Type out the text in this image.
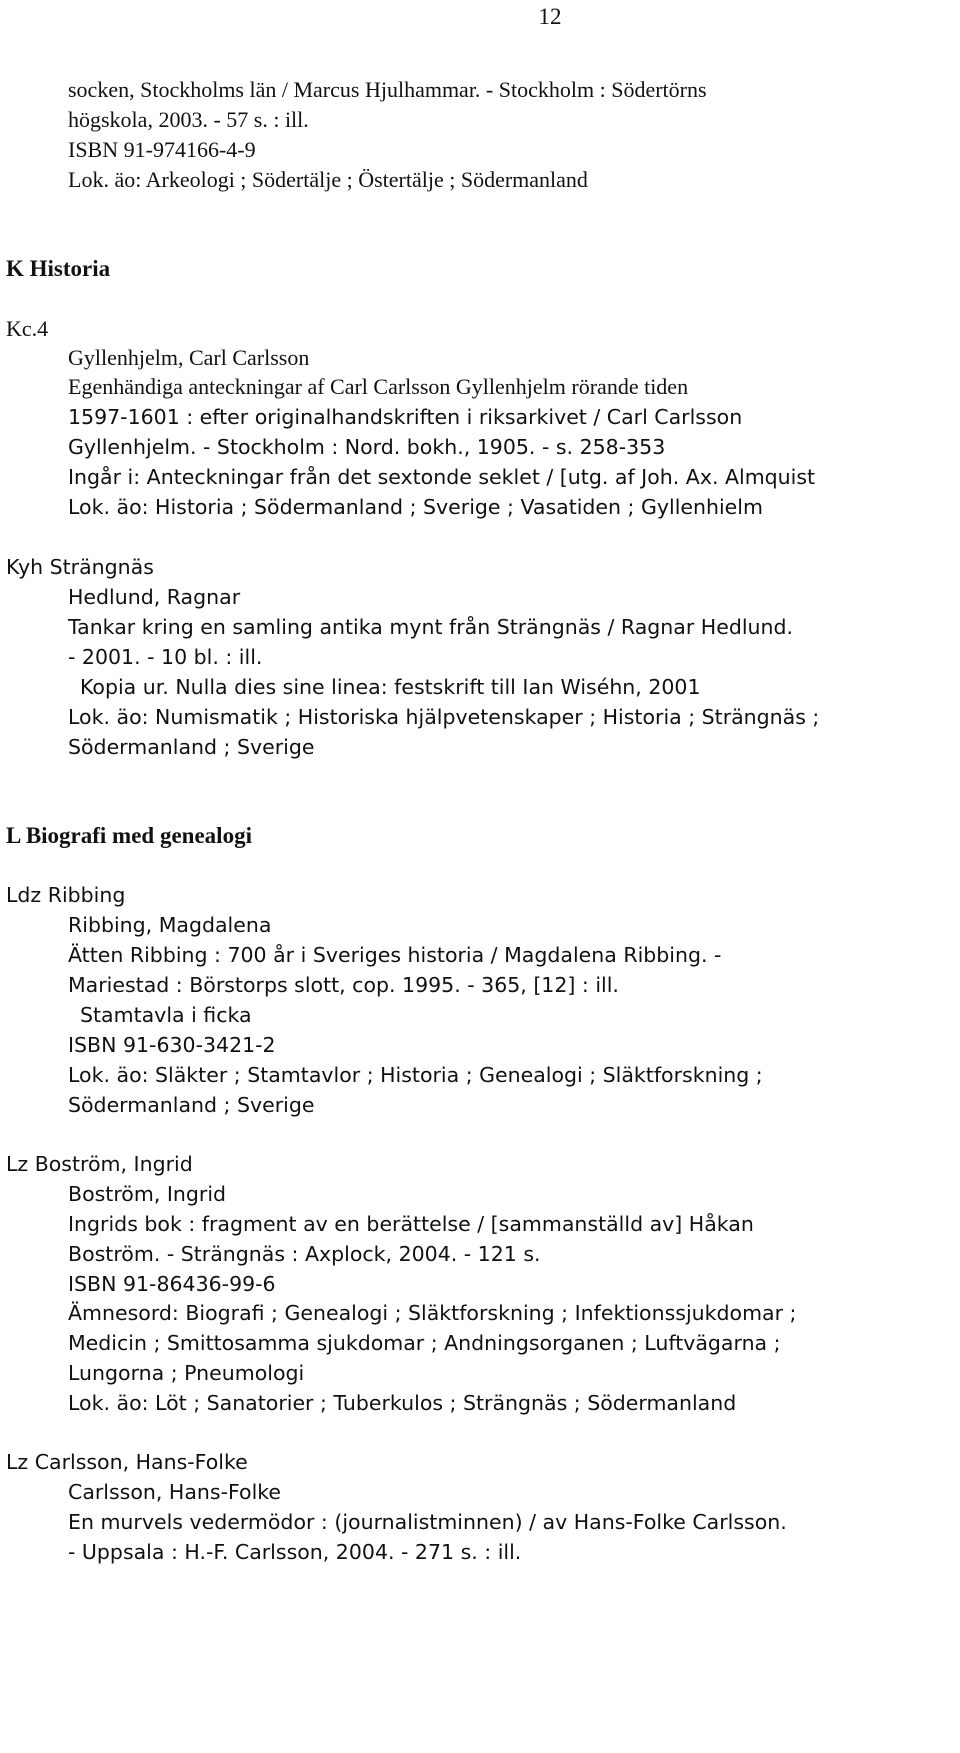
12
socken, Stockholms län / Marcus Hjulhammar. - Stockholm : Södertörns
högskola, 2003. - 57 s. : ill.
ISBN 91-974166-4-9
Lok. äo: Arkeologi ; Södertälje ; Östertälje ; Södermanland
K Historia
Kc.4
Gyllenhjelm, Carl Carlsson
Egenhändiga anteckningar af Carl Carlsson Gyllenhjelm rörande tiden
1597-1601 : efter originalhandskriften i riksarkivet / Carl Carlsson
Gyllenhjelm. - Stockholm : Nord. bokh., 1905. - s. 258-353
Ingår i: Anteckningar från det sextonde seklet / [utg. af Joh. Ax. Almquist
Lok. äo: Historia ; Södermanland ; Sverige ; Vasatiden ; Gyllenhielm
Kyh Strängnäs
Hedlund, Ragnar
Tankar kring en samling antika mynt från Strängnäs / Ragnar Hedlund.
- 2001. - 10 bl. : ill.
Kopia ur. Nulla dies sine linea: festskrift till Ian Wiséhn, 2001
Lok. äo: Numismatik ; Historiska hjälpvetenskaper ; Historia ; Strängnäs ;
Södermanland ; Sverige
L Biografi med genealogi
Ldz Ribbing
Ribbing, Magdalena
Ätten Ribbing : 700 år i Sveriges historia / Magdalena Ribbing. -
Mariestad : Börstorps slott, cop. 1995. - 365, [12] : ill.
Stamtavla i ficka
ISBN 91-630-3421-2
Lok. äo: Släkter ; Stamtavlor ; Historia ; Genealogi ; Släktforskning ;
Södermanland ; Sverige
Lz Boström, Ingrid
Boström, Ingrid
Ingrids bok : fragment av en berättelse / [sammanställd av] Håkan
Boström. - Strängnäs : Axplock, 2004. - 121 s.
ISBN 91-86436-99-6
Ämnesord: Biografi ; Genealogi ; Släktforskning ; Infektionssjukdomar ;
Medicin ; Smittosamma sjukdomar ; Andningsorganen ; Luftvägarna ;
Lungorna ; Pneumologi
Lok. äo: Löt ; Sanatorier ; Tuberkulos ; Strängnäs ; Södermanland
Lz Carlsson, Hans-Folke
Carlsson, Hans-Folke
En murvels vedermödor : (journalistminnen) / av Hans-Folke Carlsson.
- Uppsala : H.-F. Carlsson, 2004. - 271 s. : ill.
